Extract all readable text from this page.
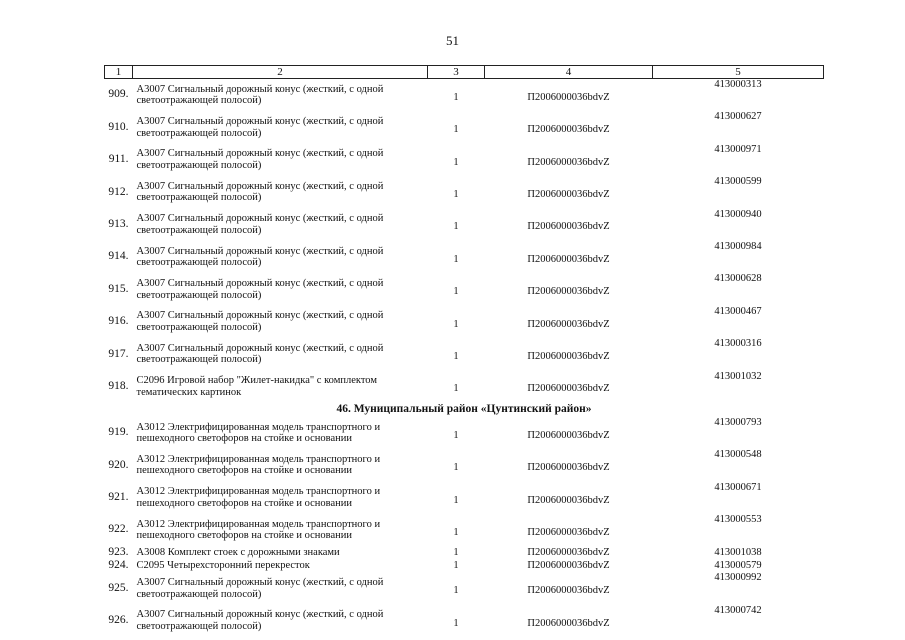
51
1	2	3	4	5
909.	А3007 Сигнальный дорожный конус (жесткий, с одной светоотражающей полосой)	1	П2006000036bdvZ	413000313
910.	А3007 Сигнальный дорожный конус (жесткий, с одной светоотражающей полосой)	1	П2006000036bdvZ	413000627
911.	А3007 Сигнальный дорожный конус (жесткий, с одной светоотражающей полосой)	1	П2006000036bdvZ	413000971
912.	А3007 Сигнальный дорожный конус (жесткий, с одной светоотражающей полосой)	1	П2006000036bdvZ	413000599
913.	А3007 Сигнальный дорожный конус (жесткий, с одной светоотражающей полосой)	1	П2006000036bdvZ	413000940
914.	А3007 Сигнальный дорожный конус (жесткий, с одной светоотражающей полосой)	1	П2006000036bdvZ	413000984
915.	А3007 Сигнальный дорожный конус (жесткий, с одной светоотражающей полосой)	1	П2006000036bdvZ	413000628
916.	А3007 Сигнальный дорожный конус (жесткий, с одной светоотражающей полосой)	1	П2006000036bdvZ	413000467
917.	А3007 Сигнальный дорожный конус (жесткий, с одной светоотражающей полосой)	1	П2006000036bdvZ	413000316
918.	С2096 Игровой набор "Жилет-накидка" с комплектом тематических картинок	1	П2006000036bdvZ	413001032
46. Муниципальный район «Цунтинский район»				
919.	А3012 Электрифицированная модель транспортного и пешеходного светофоров на стойке и основании	1	П2006000036bdvZ	413000793
920.	А3012 Электрифицированная модель транспортного и пешеходного светофоров на стойке и основании	1	П2006000036bdvZ	413000548
921.	А3012 Электрифицированная модель транспортного и пешеходного светофоров на стойке и основании	1	П2006000036bdvZ	413000671
922.	А3012 Электрифицированная модель транспортного и пешеходного светофоров на стойке и основании	1	П2006000036bdvZ	413000553
923.	А3008 Комплект стоек с дорожными знаками	1	П2006000036bdvZ	413001038
924.	С2095 Четырехсторонний перекресток	1	П2006000036bdvZ	413000579
925.	А3007 Сигнальный дорожный конус (жесткий, с одной светоотражающей полосой)	1	П2006000036bdvZ	413000992
926.	А3007 Сигнальный дорожный конус (жесткий, с одной светоотражающей полосой)	1	П2006000036bdvZ	413000742
